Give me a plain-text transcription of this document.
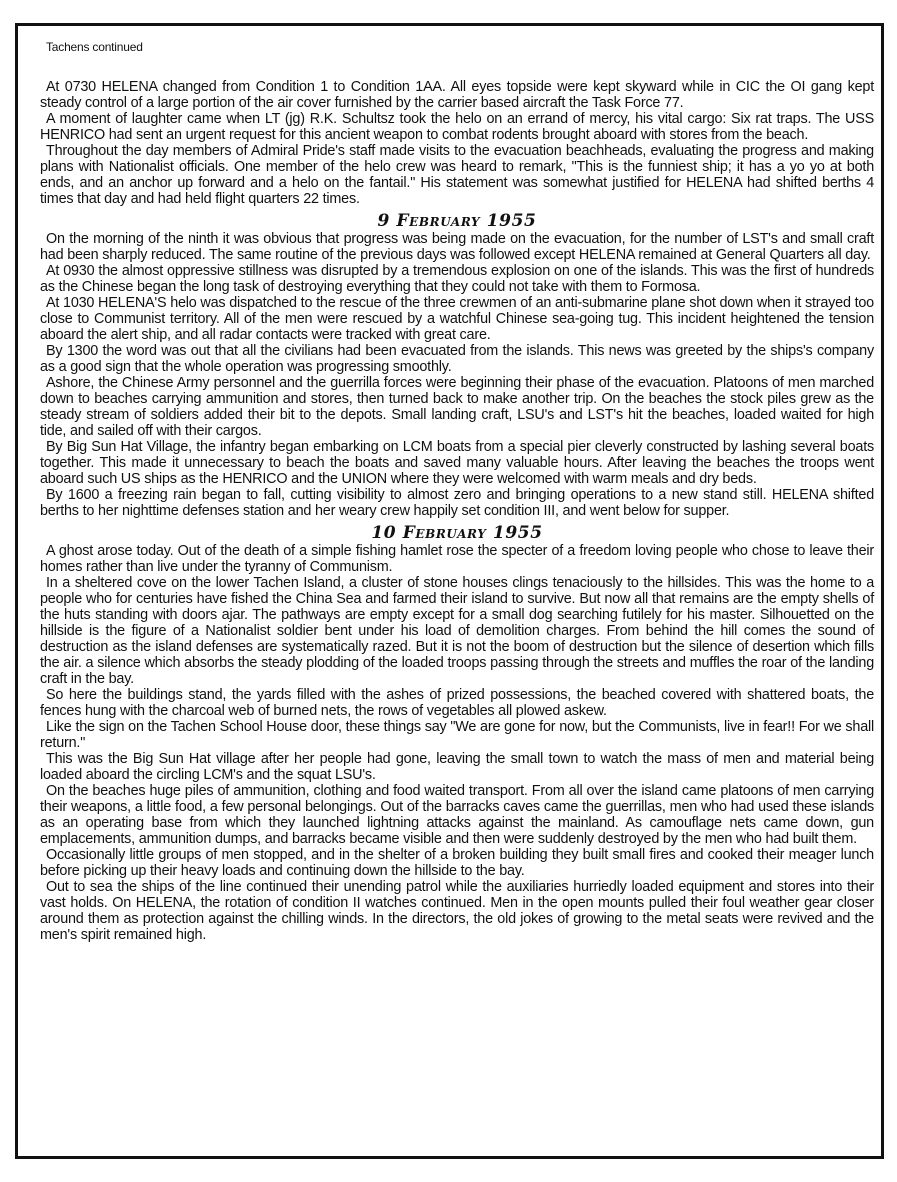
Tachens continued

At 0730 HELENA changed from Condition 1 to Condition 1AA. All eyes topside were kept skyward while in CIC the OI gang kept steady control of a large portion of the air cover furnished by the carrier based aircraft the Task Force 77.

A moment of laughter came when LT (jg) R.K. Schultsz took the helo on an errand of mercy, his vital cargo: Six rat traps. The USS HENRICO had sent an urgent request for this ancient weapon to combat rodents brought aboard with stores from the beach.

Throughout the day members of Admiral Pride's staff made visits to the evacuation beachheads, evaluating the progress and making plans with Nationalist officials. One member of the helo crew was heard to remark, "This is the funniest ship; it has a yo yo at both ends, and an anchor up forward and a helo on the fantail." His statement was somewhat justified for HELENA had shifted berths 4 times that day and had held flight quarters 22 times.

9 February 1955

On the morning of the ninth it was obvious that progress was being made on the evacuation, for the number of LST's and small craft had been sharply reduced. The same routine of the previous days was followed except HELENA remained at General Quarters all day.

At 0930 the almost oppressive stillness was disrupted by a tremendous explosion on one of the islands. This was the first of hundreds as the Chinese began the long task of destroying everything that they could not take with them to Formosa.

At 1030 HELENA'S helo was dispatched to the rescue of the three crewmen of an anti-submarine plane shot down when it strayed too close to Communist territory. All of the men were rescued by a watchful Chinese sea-going tug. This incident heightened the tension aboard the alert ship, and all radar contacts were tracked with great care.

By 1300 the word was out that all the civilians had been evacuated from the islands. This news was greeted by the ships's company as a good sign that the whole operation was progressing smoothly.

Ashore, the Chinese Army personnel and the guerrilla forces were beginning their phase of the evacuation. Platoons of men marched down to beaches carrying ammunition and stores, then turned back to make another trip. On the beaches the stock piles grew as the steady stream of soldiers added their bit to the depots. Small landing craft, LSU's and LST's hit the beaches, loaded waited for high tide, and sailed off with their cargos.

By Big Sun Hat Village, the infantry began embarking on LCM boats from a special pier cleverly constructed by lashing several boats together. This made it unnecessary to beach the boats and saved many valuable hours. After leaving the beaches the troops went aboard such US ships as the HENRICO and the UNION where they were welcomed with warm meals and dry beds.

By 1600 a freezing rain began to fall, cutting visibility to almost zero and bringing operations to a new stand still. HELENA shifted berths to her nighttime defenses station and her weary crew happily set condition III, and went below for supper.

10 February 1955

A ghost arose today. Out of the death of a simple fishing hamlet rose the specter of a freedom loving people who chose to leave their homes rather than live under the tyranny of Communism.

In a sheltered cove on the lower Tachen Island, a cluster of stone houses clings tenaciously to the hillsides. This was the home to a people who for centuries have fished the China Sea and farmed their island to survive. But now all that remains are the empty shells of the huts standing with doors ajar. The pathways are empty except for a small dog searching futilely for his master. Silhouetted on the hillside is the figure of a Nationalist soldier bent under his load of demolition charges. From behind the hill comes the sound of destruction as the island defenses are systematically razed. But it is not the boom of destruction but the silence of desertion which fills the air. a silence which absorbs the steady plodding of the loaded troops passing through the streets and muffles the roar of the landing craft in the bay.

So here the buildings stand, the yards filled with the ashes of prized possessions, the beached covered with shattered boats, the fences hung with the charcoal web of burned nets, the rows of vegetables all plowed askew.

Like the sign on the Tachen School House door, these things say "We are gone for now, but the Communists, live in fear!! For we shall return."

This was the Big Sun Hat village after her people had gone, leaving the small town to watch the mass of men and material being loaded aboard the circling LCM's and the squat LSU's.

On the beaches huge piles of ammunition, clothing and food waited transport. From all over the island came platoons of men carrying their weapons, a little food, a few personal belongings. Out of the barracks caves came the guerrillas, men who had used these islands as an operating base from which they launched lightning attacks against the mainland. As camouflage nets came down, gun emplacements, ammunition dumps, and barracks became visible and then were suddenly destroyed by the men who had built them.

Occasionally little groups of men stopped, and in the shelter of a broken building they built small fires and cooked their meager lunch before picking up their heavy loads and continuing down the hillside to the bay.

Out to sea the ships of the line continued their unending patrol while the auxiliaries hurriedly loaded equipment and stores into their vast holds. On HELENA, the rotation of condition II watches continued. Men in the open mounts pulled their foul weather gear closer around them as protection against the chilling winds. In the directors, the old jokes of growing to the metal seats were revived and the men's spirit remained high.
